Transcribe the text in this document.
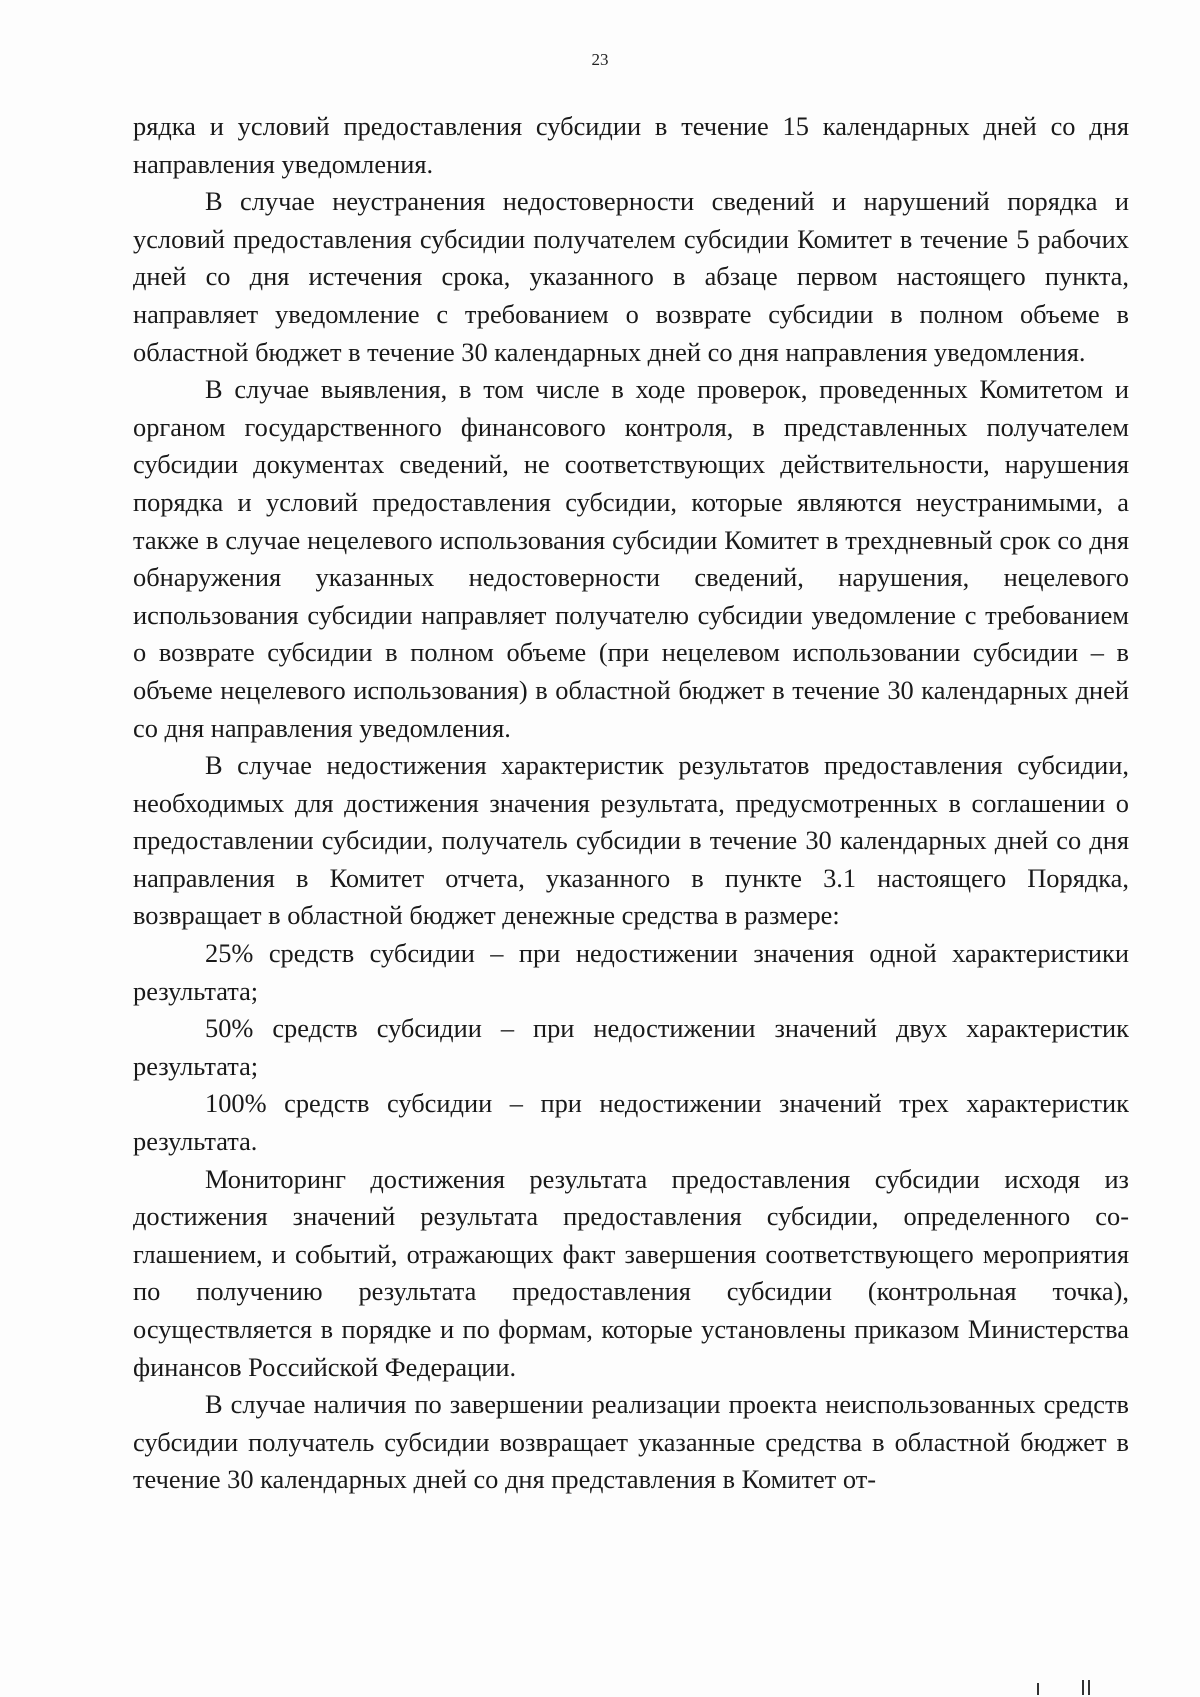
23

рядка и условий предоставления субсидии в течение 15 календарных дней со дня направления уведомления.

В случае неустранения недостоверности сведений и нарушений порядка и условий предоставления субсидии получателем субсидии Комитет в течение 5 рабочих дней со дня истечения срока, указанного в абзаце первом настоящего пункта, направляет уведомление с требованием о возврате субсидии в полном объеме в областной бюджет в течение 30 календарных дней со дня направления уведомления.

В случае выявления, в том числе в ходе проверок, проведенных Комитетом и органом государственного финансового контроля, в представленных получателем субсидии документах сведений, не соответствующих действительности, нарушения порядка и условий предоставления субсидии, которые являются неустранимыми, а также в случае нецелевого использования субсидии Комитет в трехдневный срок со дня обнаружения указанных недостоверности сведений, нарушения, нецелевого использования субсидии направляет получателю субсидии уведомление с требованием о возврате субсидии в полном объеме (при нецелевом использовании субсидии – в объеме нецелевого использования) в областной бюджет в течение 30 календарных дней со дня направления уведомления.

В случае недостижения характеристик результатов предоставления субсидии, необходимых для достижения значения результата, предусмотренных в соглашении о предоставлении субсидии, получатель субсидии в течение 30 календарных дней со дня направления в Комитет отчета, указанного в пункте 3.1 настоящего Порядка, возвращает в областной бюджет денежные средства в размере:

25% средств субсидии – при недостижении значения одной характеристики результата;

50% средств субсидии – при недостижении значений двух характеристик результата;

100% средств субсидии – при недостижении значений трех характеристик результата.

Мониторинг достижения результата предоставления субсидии исходя из достижения значений результата предоставления субсидии, определенного соглашением, и событий, отражающих факт завершения соответствующего мероприятия по получению результата предоставления субсидии (контрольная точка), осуществляется в порядке и по формам, которые установлены приказом Министерства финансов Российской Федерации.

В случае наличия по завершении реализации проекта неиспользованных средств субсидии получатель субсидии возвращает указанные средства в областной бюджет в течение 30 календарных дней со дня представления в Комитет от-
